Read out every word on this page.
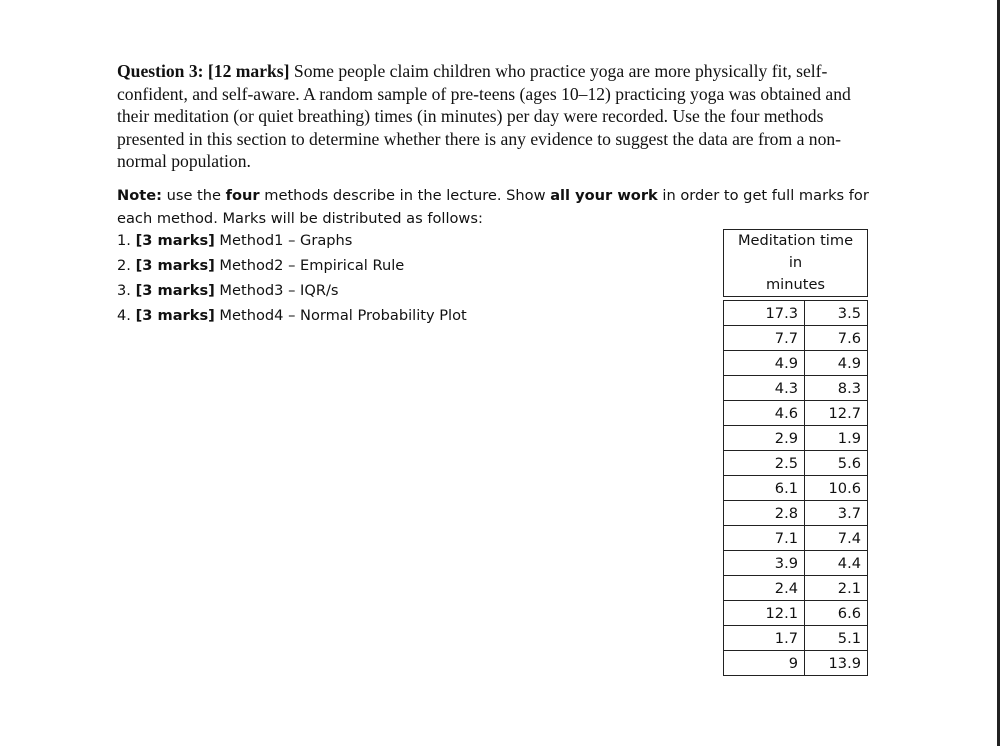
Question 3: [12 marks] Some people claim children who practice yoga are more physically fit, self-confident, and self-aware. A random sample of pre-teens (ages 10–12) practicing yoga was obtained and their meditation (or quiet breathing) times (in minutes) per day were recorded. Use the four methods presented in this section to determine whether there is any evidence to suggest the data are from a non-normal population.
Note: use the four methods describe in the lecture. Show all your work in order to get full marks for each method. Marks will be distributed as follows:
1. [3 marks] Method1 – Graphs
2. [3 marks] Method2 – Empirical Rule
3. [3 marks] Method3 – IQR/s
4. [3 marks] Method4 – Normal Probability Plot
Meditation time in
minutes	

17.3	3.5
7.7	7.6
4.9	4.9
4.3	8.3
4.6	12.7
2.9	1.9
2.5	5.6
6.1	10.6
2.8	3.7
7.1	7.4
3.9	4.4
2.4	2.1
12.1	6.6
1.7	5.1
9	13.9
